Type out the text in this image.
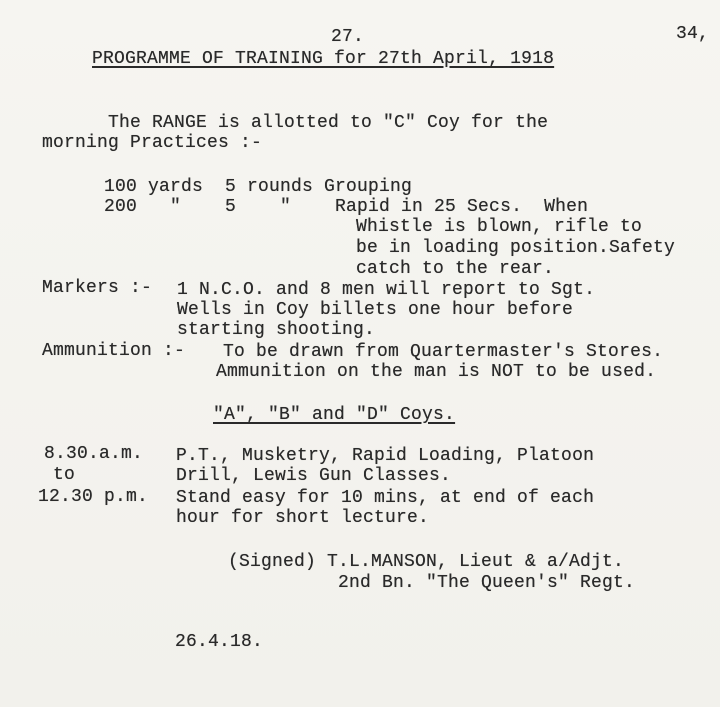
27.	34,
PROGRAMME OF TRAINING for 27th April, 1918
The RANGE is allotted to "C" Coy for the
morning Practices :-
100 yards  5 rounds Grouping
200   "    5    "    Rapid in 25 Secs.  When
Whistle is blown, rifle to
be in loading position.Safety
catch to the rear.
Markers :- 1 N.C.O. and 8 men will report to Sgt.
Wells in Coy billets one hour before
starting shooting.
Ammunition :- To be drawn from Quartermaster's Stores.
Ammunition on the man is NOT to be used.
"A", "B" and "D" Coys.
8.30.a.m.
to
12.30 p.m.
P.T., Musketry, Rapid Loading, Platoon
Drill, Lewis Gun Classes.
Stand easy for 10 mins, at end of each
hour for short lecture.
(Signed) T.L.MANSON, Lieut & a/Adjt.
2nd Bn. "The Queen's" Regt.
26.4.18.
